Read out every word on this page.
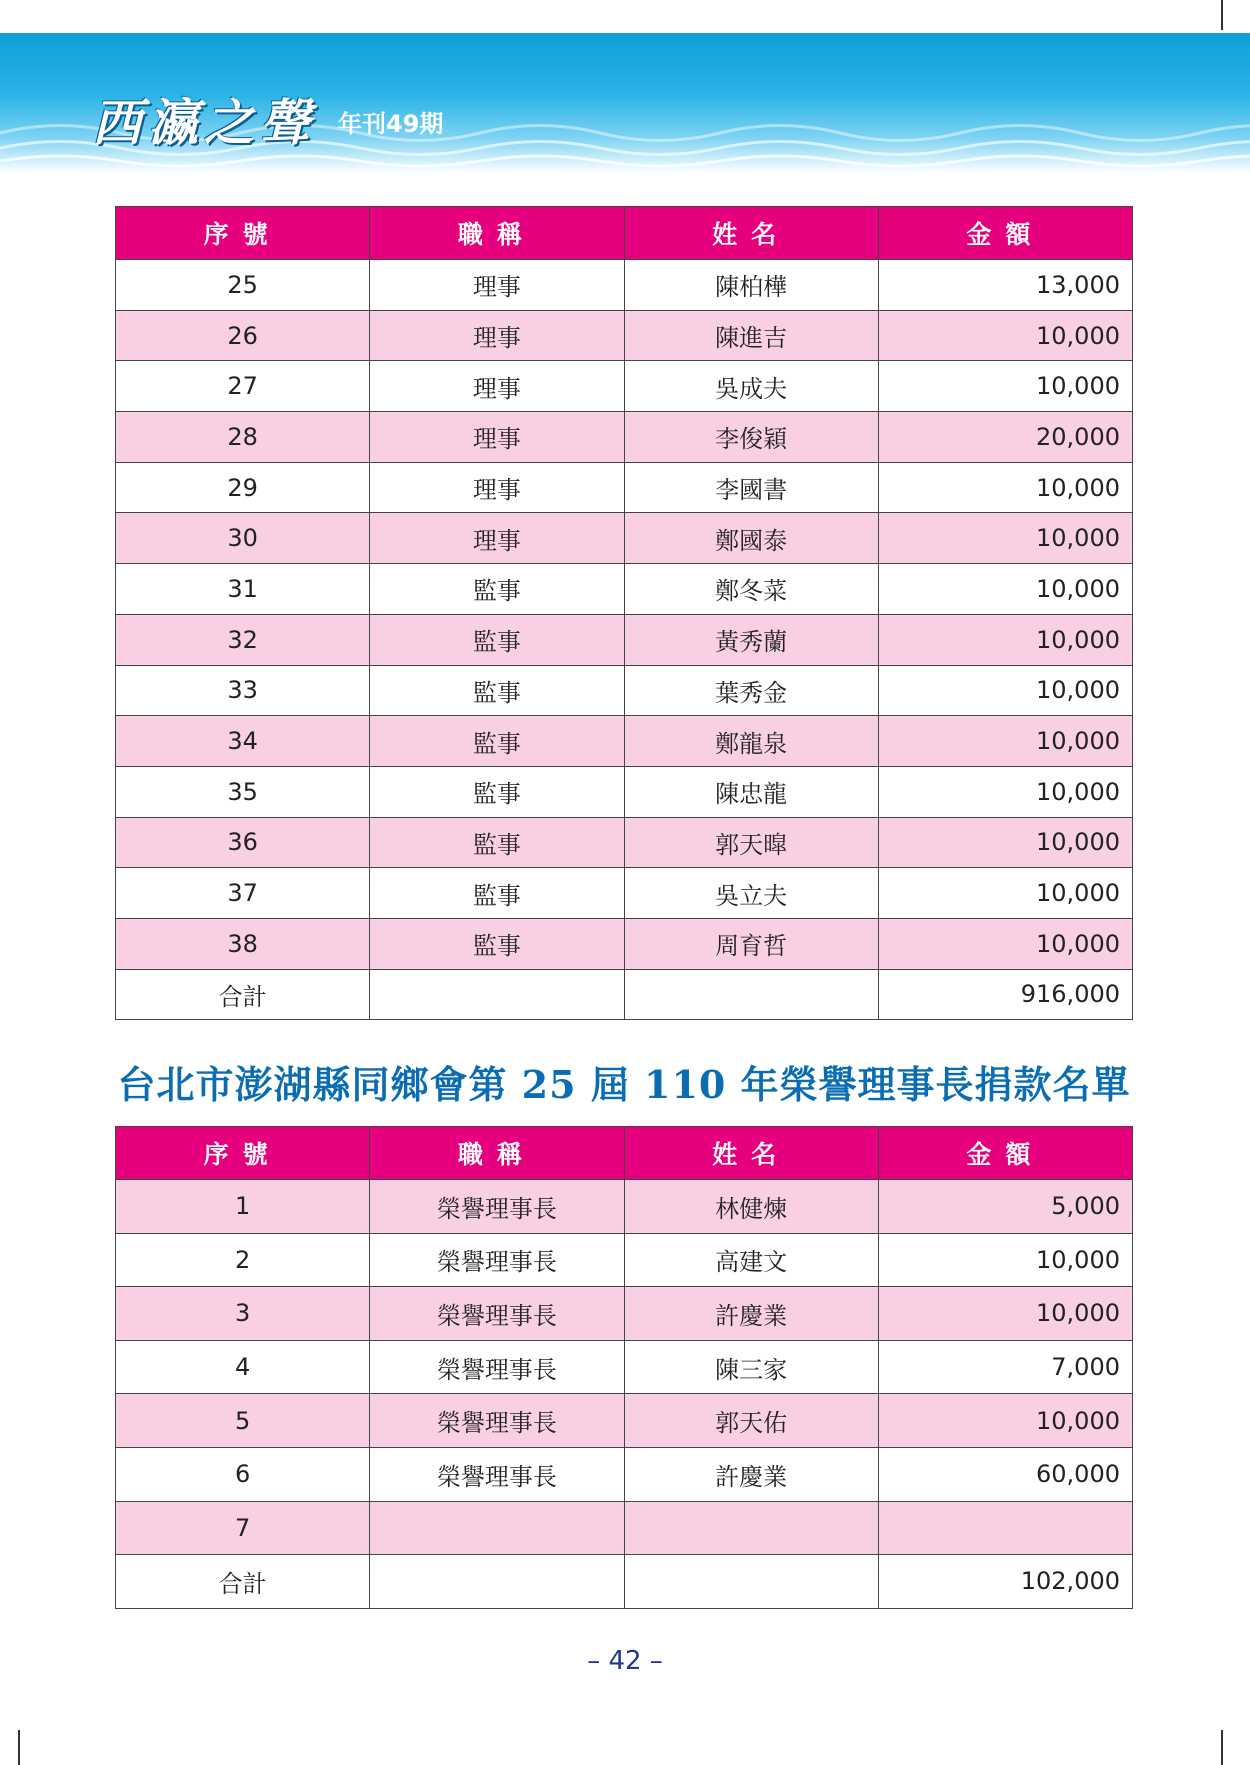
西瀛之聲 年刊49期
序號	職稱	姓名	金額
25	理事	陳柏樺	13,000
26	理事	陳進吉	10,000
27	理事	吳成夫	10,000
28	理事	李俊穎	20,000
29	理事	李國書	10,000
30	理事	鄭國泰	10,000
31	監事	鄭冬菜	10,000
32	監事	黃秀蘭	10,000
33	監事	葉秀金	10,000
34	監事	鄭龍泉	10,000
35	監事	陳忠龍	10,000
36	監事	郭天暭	10,000
37	監事	吳立夫	10,000
38	監事	周育哲	10,000
合計			916,000
台北市澎湖縣同鄉會第 25 屆 110 年榮譽理事長捐款名單
序號	職稱	姓名	金額
1	榮譽理事長	林健煉	5,000
2	榮譽理事長	高建文	10,000
3	榮譽理事長	許慶業	10,000
4	榮譽理事長	陳三家	7,000
5	榮譽理事長	郭天佑	10,000
6	榮譽理事長	許慶業	60,000
7			
合計			102,000
– 42 –
